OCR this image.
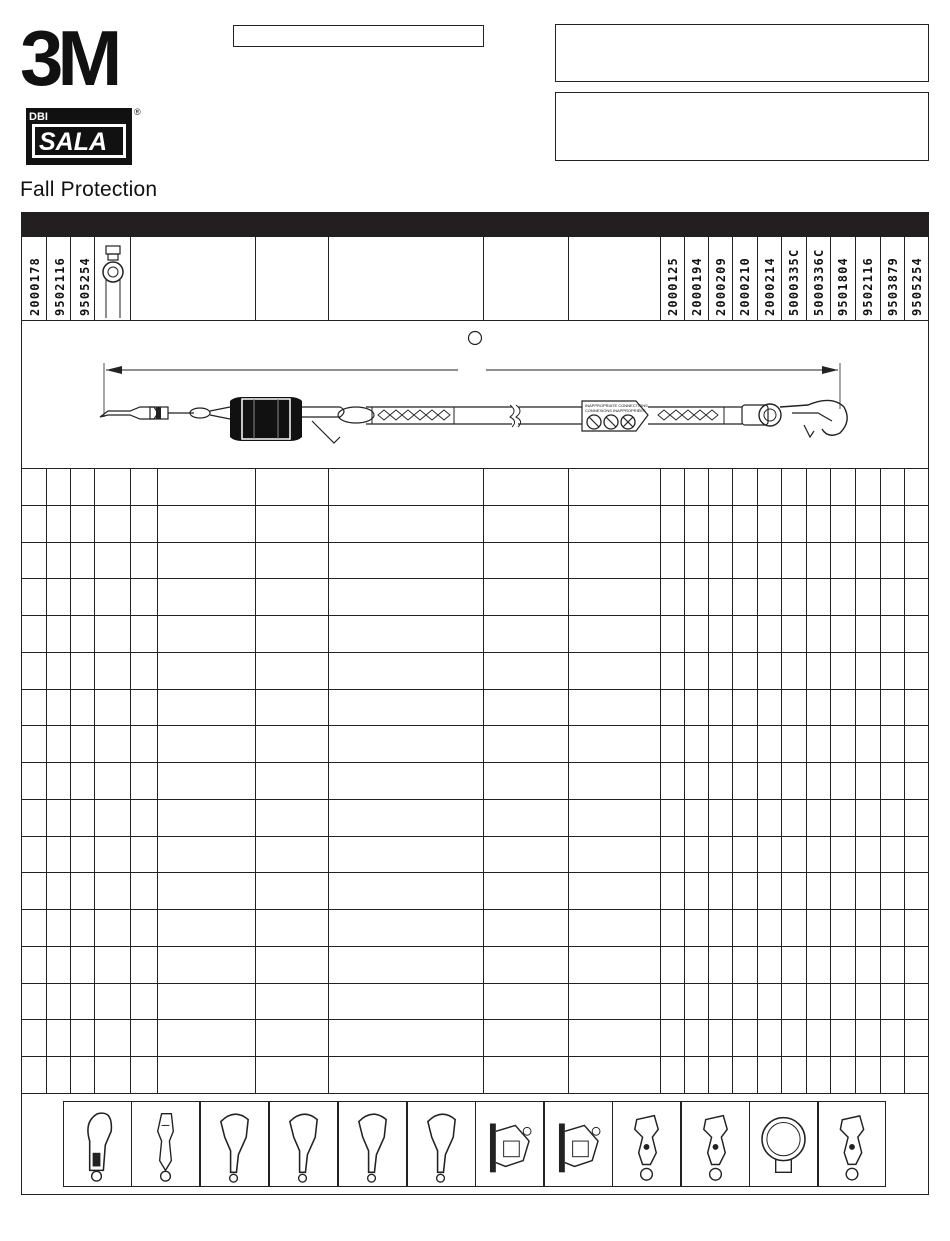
3M
DBI
SALA
®
Fall Protection
2000178 9502116 9505254	2000125 2000194 2000209 2000210 2000214 5000335C 5000336C 9501804 9502116 9503879 9505254
INAPPROPRIATE CONNECTIONS
CONNEXIONS INAPPROPRIÉES
